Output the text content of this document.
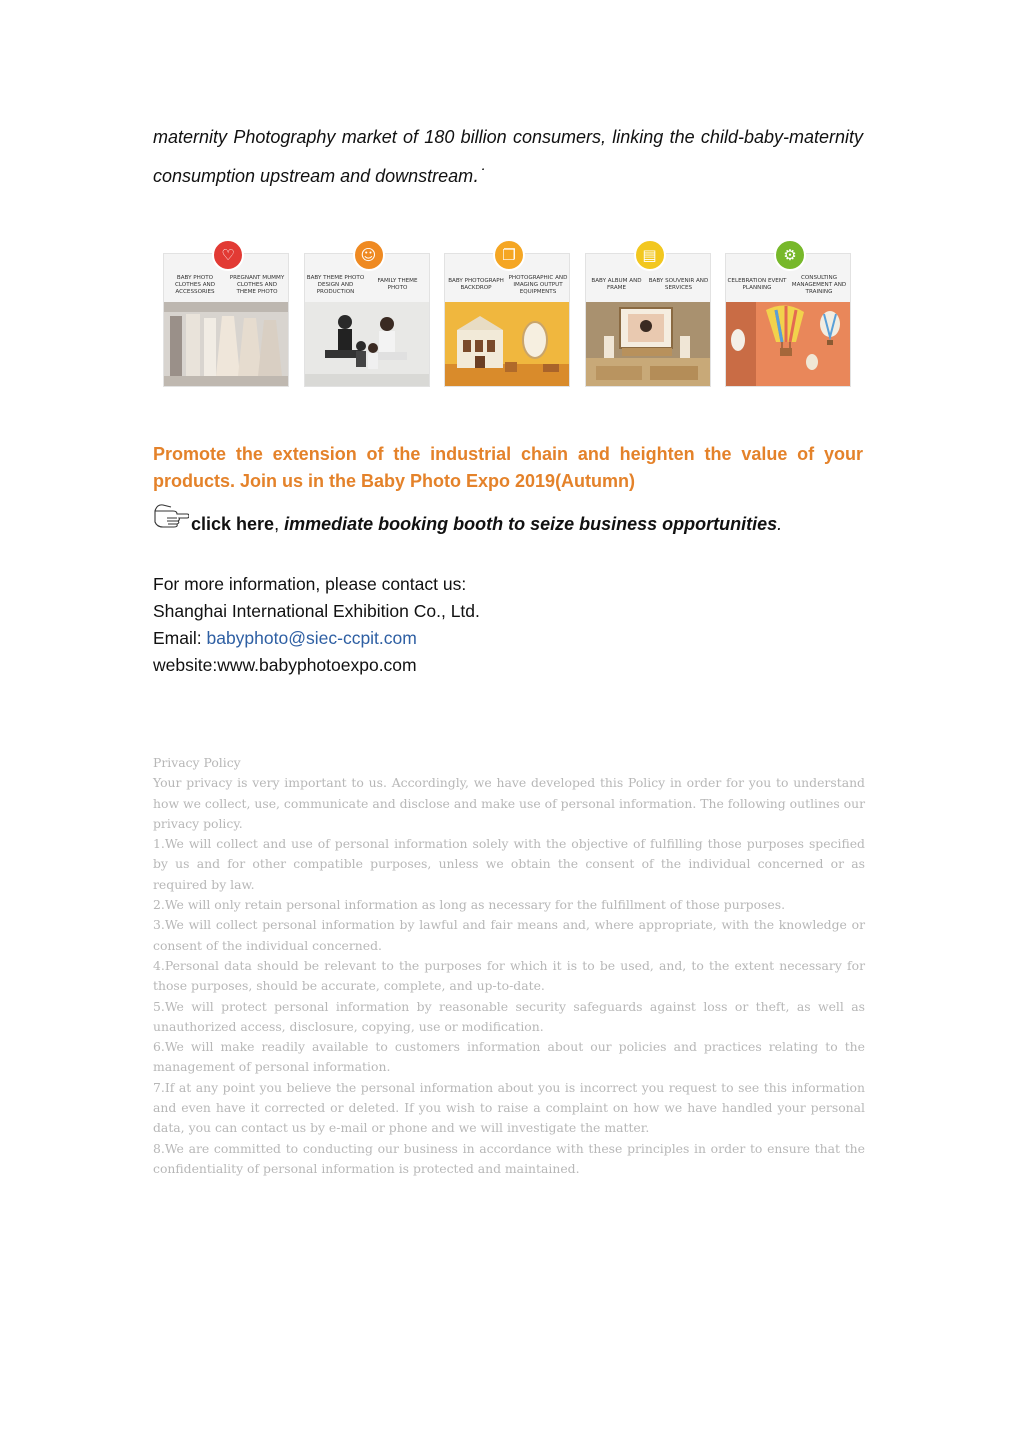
maternity Photography market of 180 billion consumers, linking the child-baby-maternity consumption upstream and downstream․˙
♡
BABY PHOTO CLOTHES AND ACCESSORIES
PREGNANT MUMMY CLOTHES AND THEME PHOTO
☺
BABY THEME PHOTO DESIGN AND PRODUCTION
FAMILY THEME PHOTO
❐
BABY PHOTOGRAPH BACKDROP
PHOTOGRAPHIC AND IMAGING OUTPUT EQUIPMENTS
▤
BABY ALBUM AND FRAME
BABY SOUVENIR AND SERVICES
⚙
CELEBRATION EVENT PLANNING
CONSULTING MANAGEMENT AND TRAINING
Promote the extension of the industrial chain and heighten the value of your products. Join us in the Baby Photo Expo 2019(Autumn)
click here, immediate booking booth to seize business opportunities.
For more information, please contact us:
Shanghai International Exhibition Co., Ltd.
Email: babyphoto@siec-ccpit.com
website:www.babyphotoexpo.com

Privacy Policy

Your privacy is very important to us. Accordingly, we have developed this Policy in order for you to understand how we collect, use, communicate and disclose and make use of personal information. The following outlines our privacy policy.

1.We will collect and use of personal information solely with the objective of fulfilling those purposes specified by us and for other compatible purposes, unless we obtain the consent of the individual concerned or as required by law.

2.We will only retain personal information as long as necessary for the fulfillment of those purposes.

3.We will collect personal information by lawful and fair means and, where appropriate, with the knowledge or consent of the individual concerned.

4.Personal data should be relevant to the purposes for which it is to be used, and, to the extent necessary for those purposes, should be accurate, complete, and up-to-date.

5.We will protect personal information by reasonable security safeguards against loss or theft, as well as unauthorized access, disclosure, copying, use or modification.

6.We will make readily available to customers information about our policies and practices relating to the management of personal information.

7.If at any point you believe the personal information about you is incorrect you request to see this information and even have it corrected or deleted. If you wish to raise a complaint on how we have handled your personal data, you can contact us by e-mail or phone and we will investigate the matter.

8.We are committed to conducting our business in accordance with these principles in order to ensure that the confidentiality of personal information is protected and maintained.
